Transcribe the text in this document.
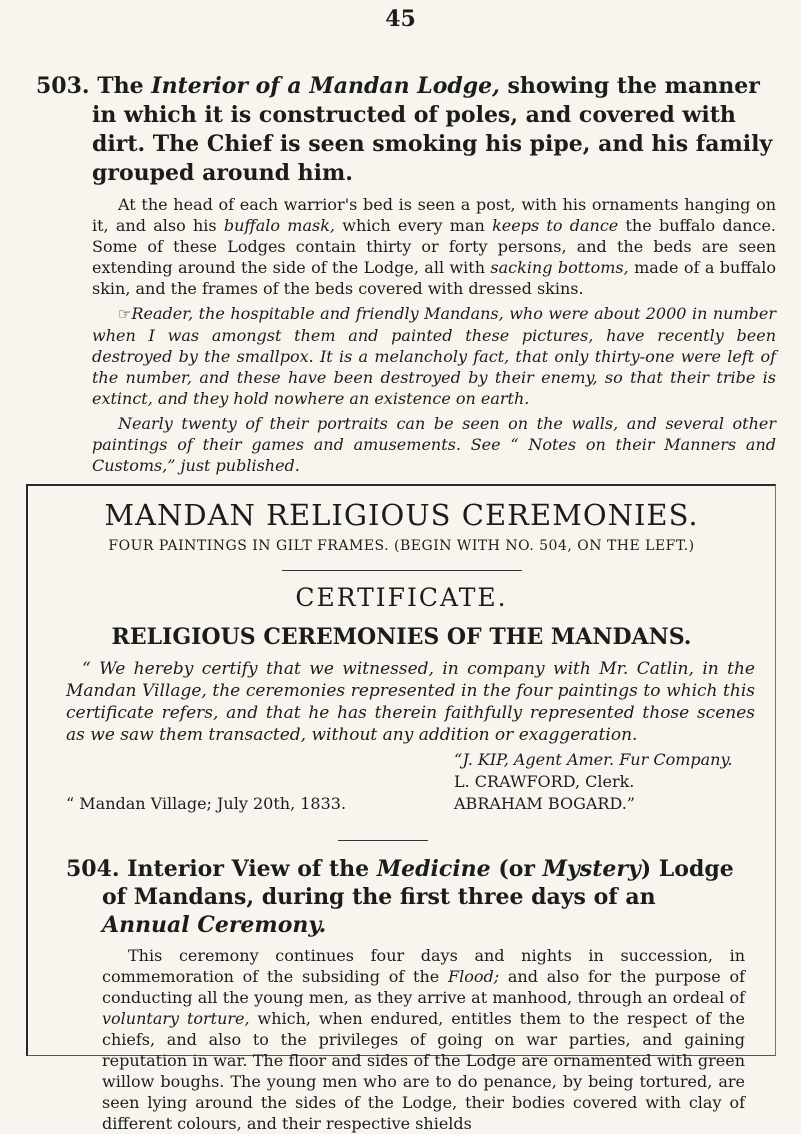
45
503. The Interior of a Mandan Lodge, showing the manner in which it is constructed of poles, and covered with dirt. The Chief is seen smoking his pipe, and his family grouped around him.

At the head of each warrior's bed is seen a post, with his ornaments hanging on it, and also his buffalo mask, which every man keeps to dance the buffalo dance. Some of these Lodges contain thirty or forty persons, and the beds are seen extending around the side of the Lodge, all with sacking bottoms, made of a buffalo skin, and the frames of the beds covered with dressed skins.

☞Reader, the hospitable and friendly Mandans, who were about 2000 in number when I was amongst them and painted these pictures, have recently been destroyed by the smallpox. It is a melancholy fact, that only thirty-one were left of the number, and these have been destroyed by their enemy, so that their tribe is extinct, and they hold nowhere an existence on earth.

Nearly twenty of their portraits can be seen on the walls, and several other paintings of their games and amusements. See “ Notes on their Manners and Customs,” just published.

MANDAN RELIGIOUS CEREMONIES.
FOUR PAINTINGS IN GILT FRAMES. (BEGIN WITH NO. 504, ON THE LEFT.)
CERTIFICATE.
RELIGIOUS CEREMONIES OF THE MANDANS.
“ We hereby certify that we witnessed, in company with Mr. Catlin, in the Mandan Village, the ceremonies represented in the four paintings to which this certificate refers, and that he has therein faithfully represented those scenes as we saw them transacted, without any addition or exaggeration.
“J. KIP, Agent Amer. Fur Company.
L. CRAWFORD, Clerk.
ABRAHAM BOGARD.”
“ Mandan Village; July 20th, 1833.
504. Interior View of the Medicine (or Mystery) Lodge of Mandans, during the first three days of an Annual Ceremony.
This ceremony continues four days and nights in succession, in commemoration of the subsiding of the Flood; and also for the purpose of conducting all the young men, as they arrive at manhood, through an ordeal of voluntary torture, which, when endured, entitles them to the respect of the chiefs, and also to the privileges of going on war parties, and gaining reputation in war. The floor and sides of the Lodge are ornamented with green willow boughs. The young men who are to do penance, by being tortured, are seen lying around the sides of the Lodge, their bodies covered with clay of different colours, and their respective shields
